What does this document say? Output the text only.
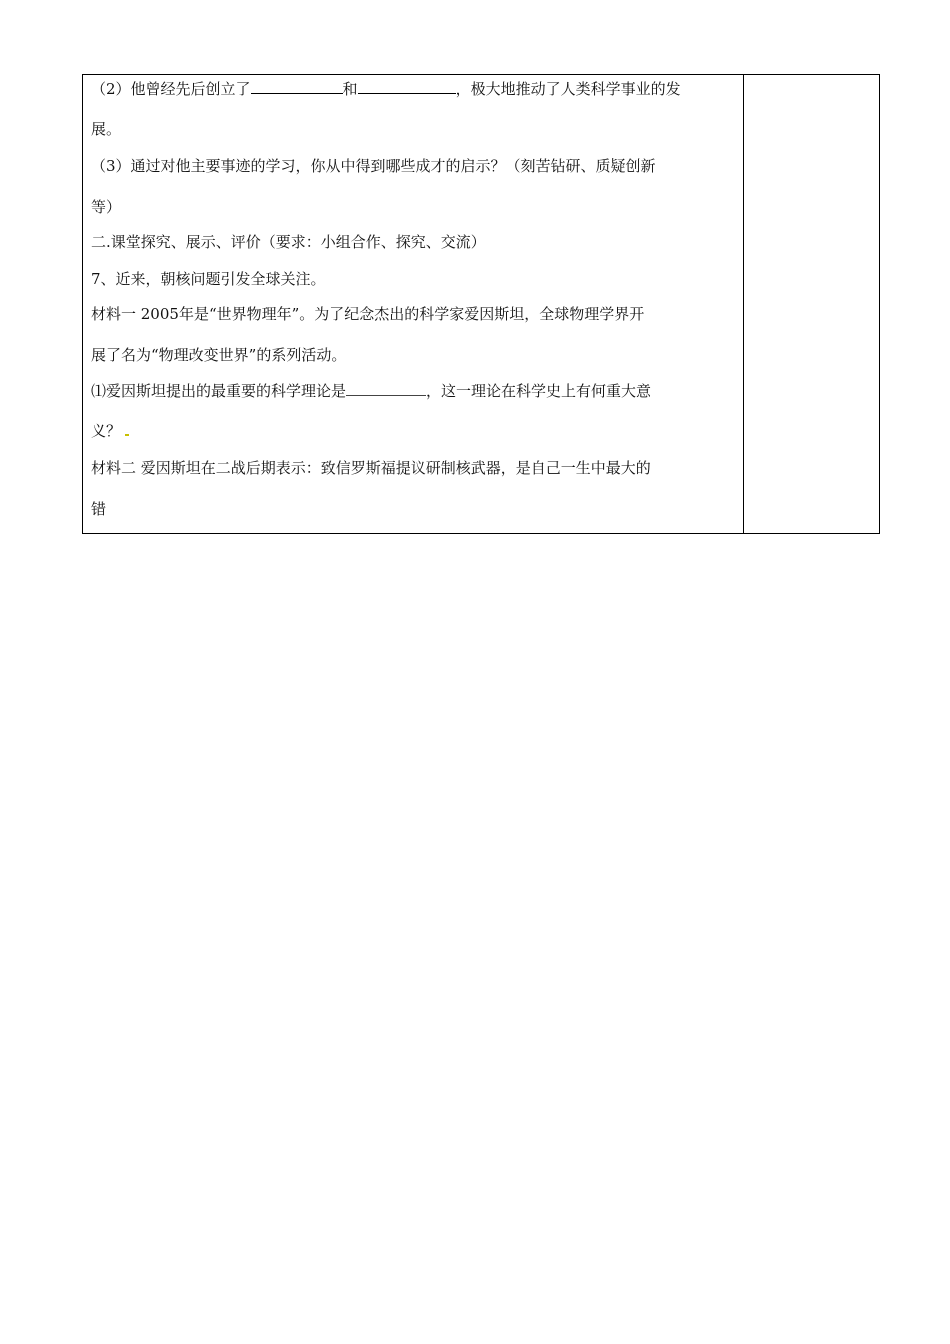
（2）他曾经先后创立了	和	，极大地推动了人类科学事业的发
展。
（3）通过对他主要事迹的学习，你从中得到哪些成才的启示？（刻苦钻研、质疑创新
等）
二.课堂探究、展示、评价（要求：小组合作、探究、交流）
7、近来，朝核问题引发全球关注。
材料一 2005年是“世界物理年”。为了纪念杰出的科学家爱因斯坦，全球物理学界开
展了名为“物理改变世界”的系列活动。
⑴爱因斯坦提出的最重要的科学理论是	，这一理论在科学史上有何重大意
义？
材料二 爱因斯坦在二战后期表示：致信罗斯福提议研制核武器，是自己一生中最大的
错
